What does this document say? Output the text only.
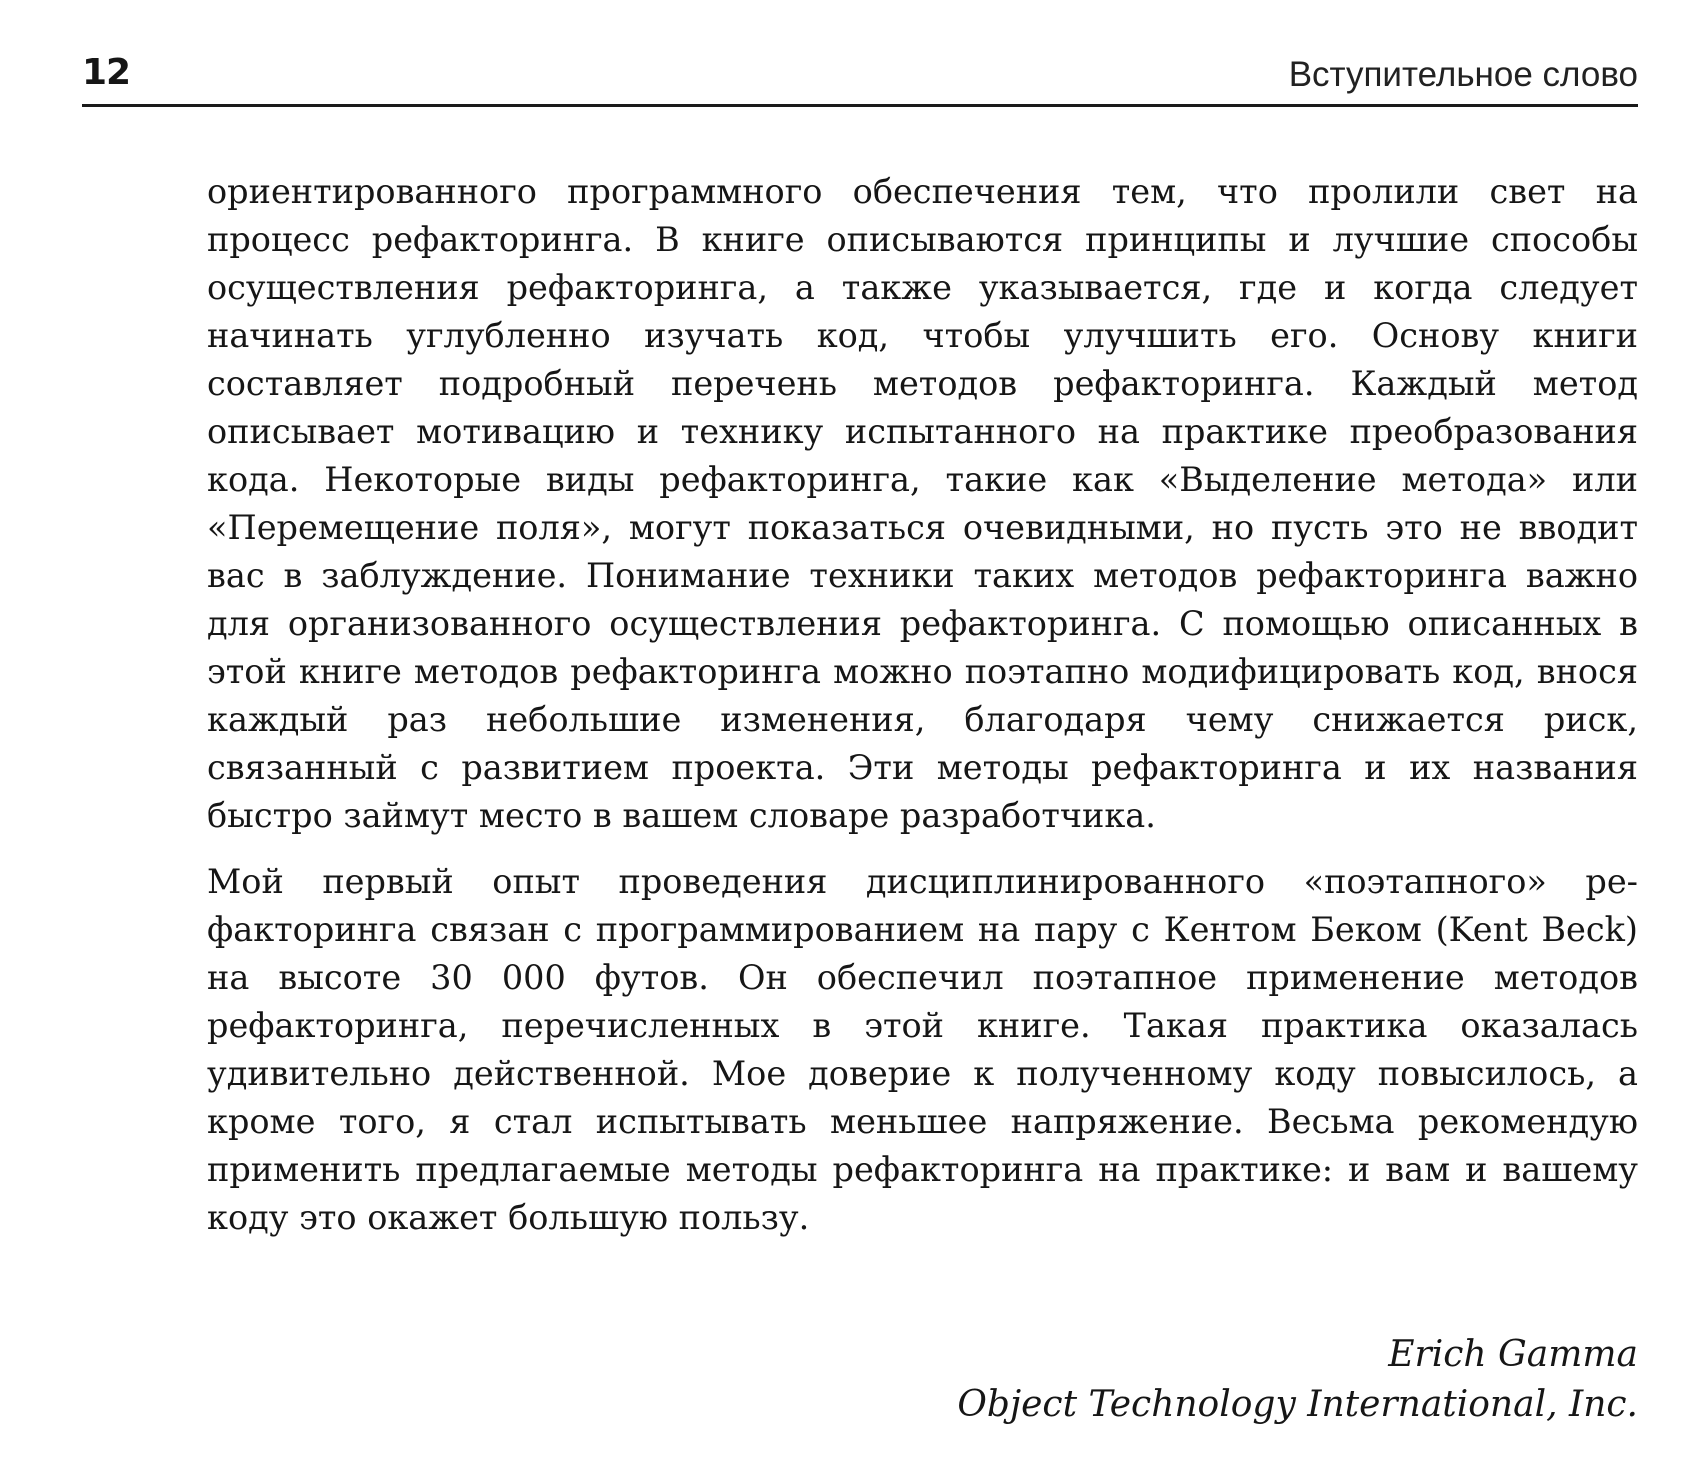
12	Вступительное слово

ориентированного программного обеспечения тем, что пролили свет на процесс рефакторинга. В книге описываются принципы и лучшие способы осуществления рефакторинга, а также указывается, где и когда следует начинать углубленно изучать код, чтобы улучшить его. Основу книги составляет подробный перечень методов рефакторинга. Каждый метод описывает мотивацию и технику испытанного на практике преобразования кода. Некоторые виды рефакторинга, такие как «Выделение метода» или «Перемещение поля», могут показаться очевидными, но пусть это не вводит вас в заблуждение. Понимание техники таких методов рефакторинга важно для организованного осуществления рефакторинга. С помощью описанных в этой книге методов рефакторинга можно поэтапно модифицировать код, внося каждый раз небольшие изменения, благодаря чему снижается риск, связанный с развитием проекта. Эти методы рефакторинга и их названия быстро займут место в вашем словаре разработчика.

Мой первый опыт проведения дисциплинированного «поэтапного» рефакторинга связан с программированием на пару с Кентом Беком (Kent Beck) на высоте 30 000 футов. Он обеспечил поэтапное применение методов рефакторинга, перечисленных в этой книге. Такая практика оказалась удивительно действенной. Мое доверие к полученному коду повысилось, а кроме того, я стал испытывать меньшее напряжение. Весьма рекомендую применить предлагаемые методы рефакторинга на практике: и вам и вашему коду это окажет большую пользу.

Erich Gamma
Object Technology International, Inc.
